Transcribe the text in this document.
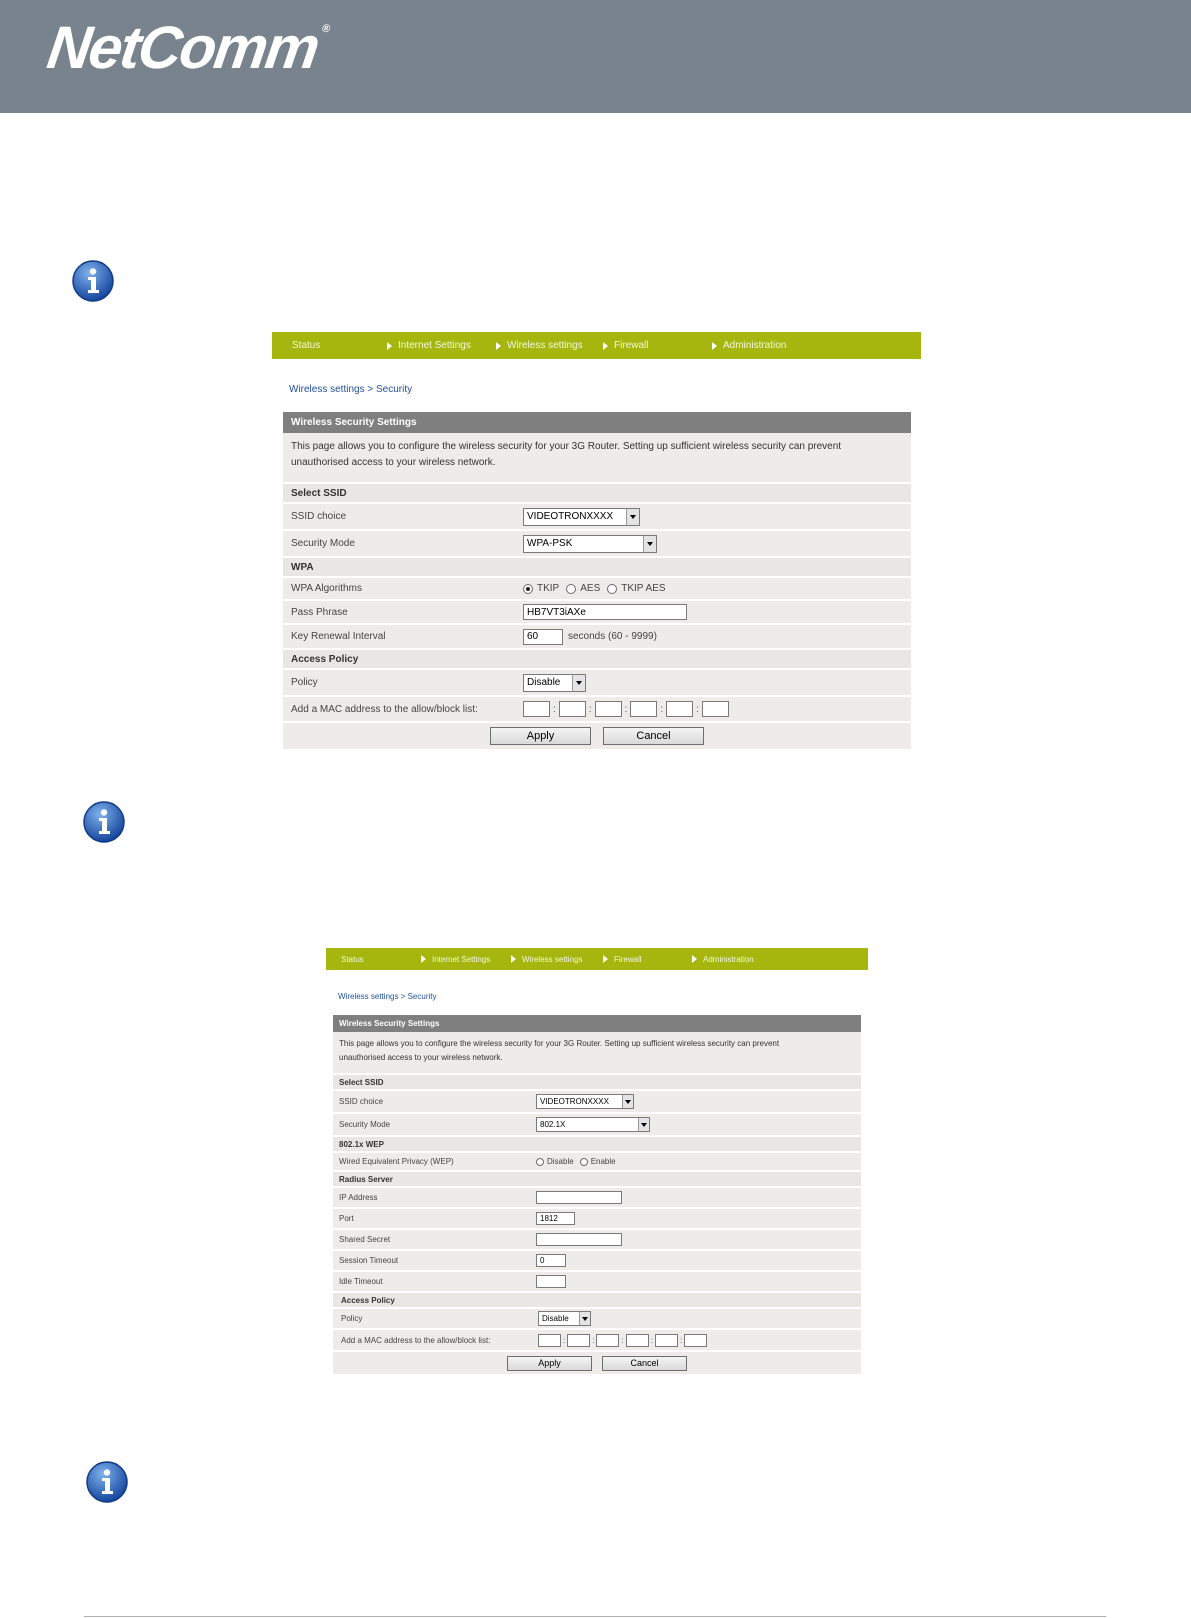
NetComm®
Status	Internet Settings	Wireless settings	Firewall	Administration
Wireless settings > Security
Wireless Security Settings
This page allows you to configure the wireless security for your 3G Router. Setting up sufficient wireless security can prevent
unauthorised access to your wireless network.
Select SSID
SSID choice	VIDEOTRONXXXX
Security Mode	WPA-PSK
WPA
WPA Algorithms	TKIP AES TKIP AES
Pass Phrase	HB7VT3iAXe
Key Renewal Interval	60	seconds (60 - 9999)
Access Policy
Policy	Disable
Add a MAC address to the allow/block list:	:	:	:	:	:
Apply	Cancel
Status	Internet Settings	Wireless settings	Firewall	Administration
Wireless settings > Security
Wireless Security Settings
This page allows you to configure the wireless security for your 3G Router. Setting up sufficient wireless security can prevent
unauthorised access to your wireless network.
Select SSID
SSID choice	VIDEOTRONXXXX
Security Mode	802.1X
802.1x WEP
Wired Equivalent Privacy (WEP)	Disable Enable
Radius Server
IP Address
Port	1812
Shared Secret
Session Timeout	0
Idle Timeout
Access Policy
Policy	Disable
Add a MAC address to the allow/block list:	:	:	:	:	:
Apply	Cancel
